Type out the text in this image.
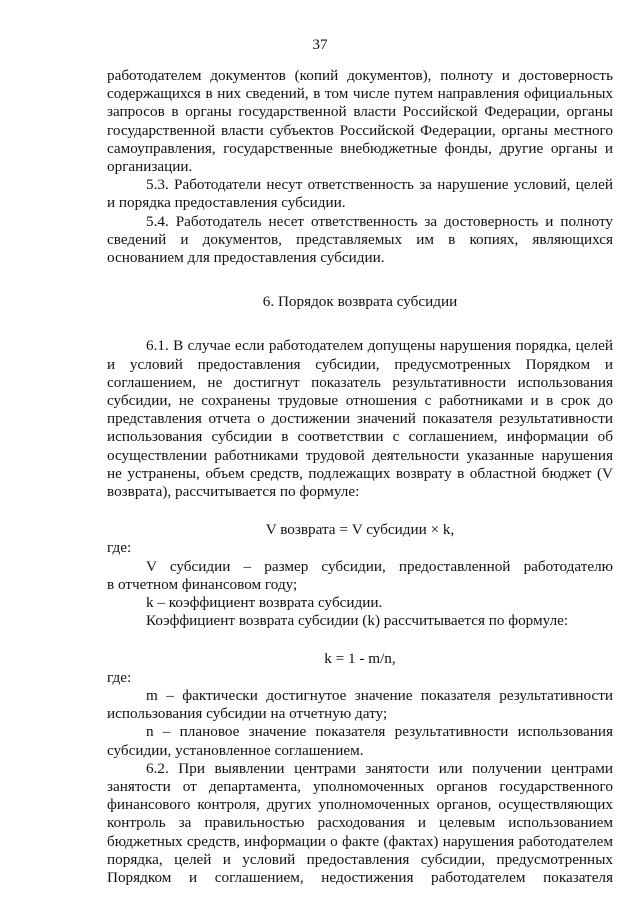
37

работодателем документов (копий документов), полноту и достоверность

содержащихся в них сведений, в том числе путем направления официальных

запросов в органы государственной власти Российской Федерации, органы

государственной власти субъектов Российской Федерации, органы местного

самоуправления, государственные внебюджетные фонды, другие органы и

организации.

5.3. Работодатели несут ответственность за нарушение условий, целей

и порядка предоставления субсидии.

5.4. Работодатель несет ответственность за достоверность и полноту

сведений и документов, представляемых им в копиях, являющихся

основанием для предоставления субсидии.

6. Порядок возврата субсидии

6.1. В случае если работодателем допущены нарушения порядка, целей

и условий предоставления субсидии, предусмотренных Порядком и

соглашением, не достигнут показатель результативности использования

субсидии, не сохранены трудовые отношения с работниками и в срок до

представления отчета о достижении значений показателя результативности

использования субсидии в соответствии с соглашением, информации об

осуществлении работниками трудовой деятельности указанные нарушения

не устранены, объем средств, подлежащих возврату в областной бюджет (V

возврата), рассчитывается по формуле:

V возврата = V субсидии × k,

где:

V субсидии – размер субсидии, предоставленной работодателю

в отчетном финансовом году;

k – коэффициент возврата субсидии.

Коэффициент возврата субсидии (k) рассчитывается по формуле:

k = 1 - m/n,

где:

m – фактически достигнутое значение показателя результативности

использования субсидии на отчетную дату;

n – плановое значение показателя результативности использования

субсидии, установленное соглашением.

6.2. При выявлении центрами занятости или получении центрами

занятости от департамента, уполномоченных органов государственного

финансового контроля, других уполномоченных органов, осуществляющих

контроль за правильностью расходования и целевым использованием

бюджетных средств, информации о факте (фактах) нарушения работодателем

порядка, целей и условий предоставления субсидии, предусмотренных

Порядком и соглашением, недостижения работодателем показателя
